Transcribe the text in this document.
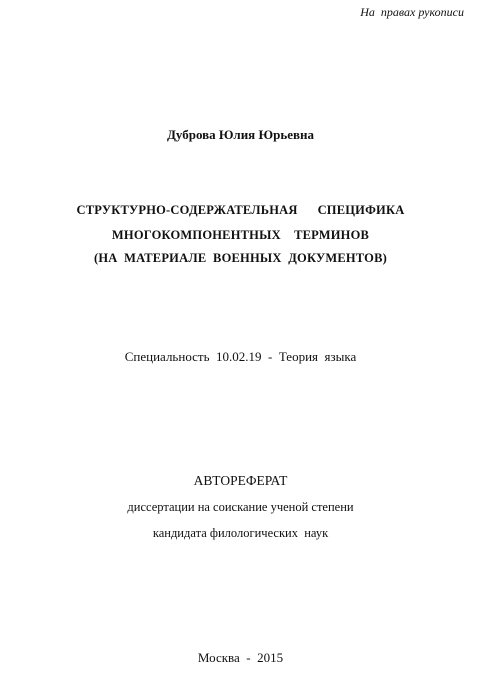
На  правах рукописи
Дуброва Юлия Юрьевна
СТРУКТУРНО-СОДЕРЖАТЕЛЬНАЯ      СПЕЦИФИКА
МНОГОКОМПОНЕНТНЫХ    ТЕРМИНОВ
(НА  МАТЕРИАЛЕ  ВОЕННЫХ  ДОКУМЕНТОВ)
Специальность  10.02.19  -  Теория  языка
АВТОРЕФЕРАТ
диссертации на соискание ученой степени
кандидата филологических  наук
Москва  -  2015
